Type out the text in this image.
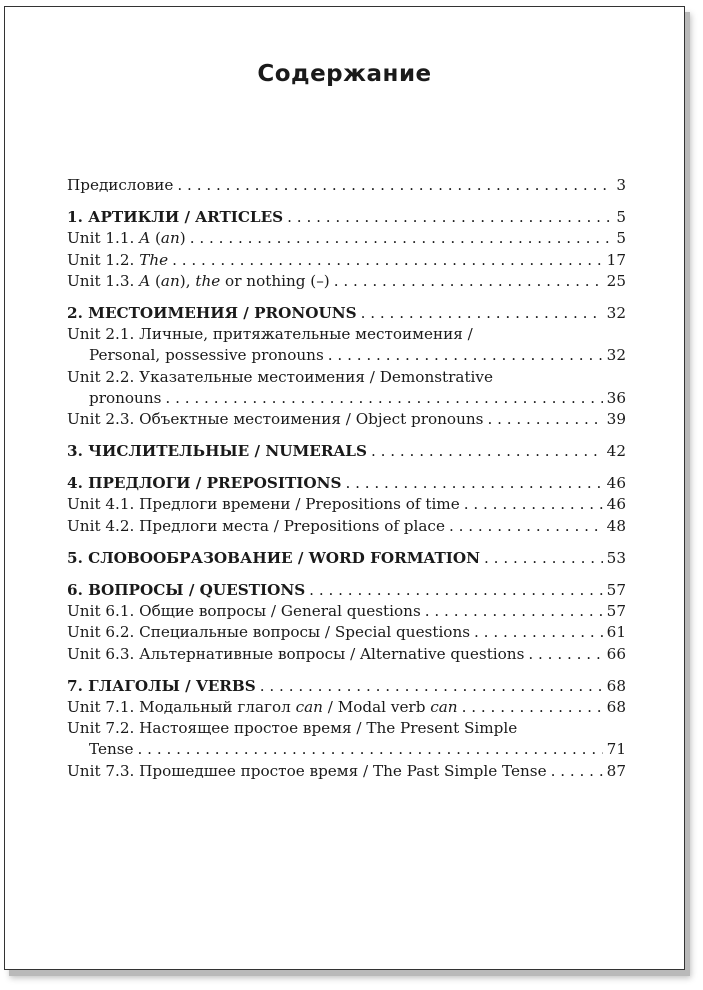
Содержание
Предисловие . . .	3
1. АРТИКЛИ / ARTICLES . . .	5
Unit 1.1. A (an) . . .	5
Unit 1.2. The . . .	17
Unit 1.3. A (an), the or nothing (–) . . .	25
2. МЕСТОИМЕНИЯ / PRONOUNS . . .	32
Unit 2.1. Личные, притяжательные местоимения /
Personal, possessive pronouns . . .	32
Unit 2.2. Указательные местоимения / Demonstrative
pronouns . . .	36
Unit 2.3. Объектные местоимения / Object pronouns . . .	39
3. ЧИСЛИТЕЛЬНЫЕ / NUMERALS . . .	42
4. ПРЕДЛОГИ / PREPOSITIONS . . .	46
Unit 4.1. Предлоги времени / Prepositions of time . . .	46
Unit 4.2. Предлоги места / Prepositions of place . . .	48
5. СЛОВООБРАЗОВАНИЕ / WORD FORMATION . . .	53
6. ВОПРОСЫ / QUESTIONS . . .	57
Unit 6.1. Общие вопросы / General questions . . .	57
Unit 6.2. Специальные вопросы / Special questions . . .	61
Unit 6.3. Альтернативные вопросы / Alternative questions . . .	66
7. ГЛАГОЛЫ / VERBS . . .	68
Unit 7.1. Модальный глагол can / Modal verb can . . .	68
Unit 7.2. Настоящее простое время / The Present Simple
Tense . . .	71
Unit 7.3. Прошедшее простое время / The Past Simple Tense . . .	87
